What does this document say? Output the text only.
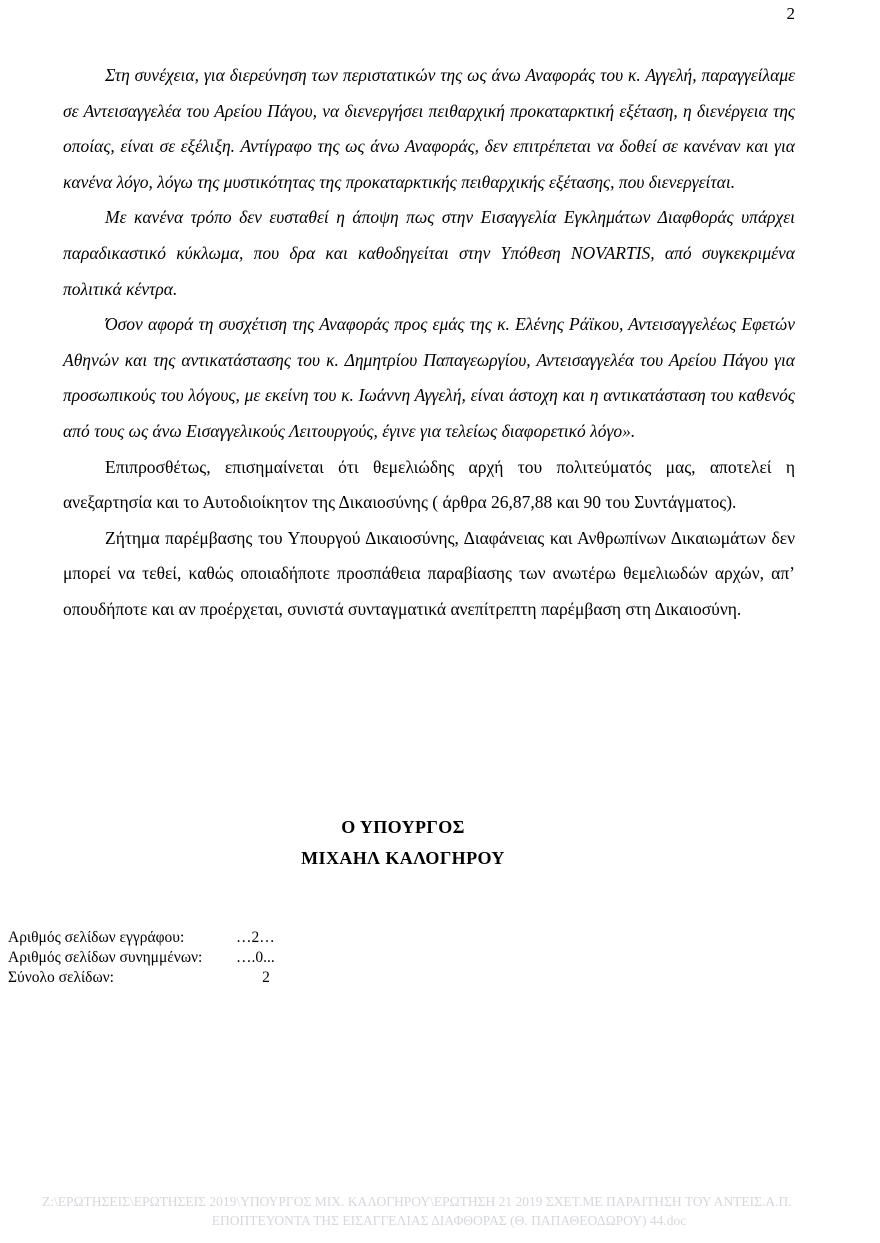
2

Στη συνέχεια, για διερεύνηση των περιστατικών της ως άνω Αναφοράς του κ. Αγγελή, παραγγείλαμε σε Αντεισαγγελέα του Αρείου Πάγου, να διενεργήσει πειθαρχική προκαταρκτική εξέταση, η διενέργεια της οποίας, είναι σε εξέλιξη. Αντίγραφο της ως άνω Αναφοράς, δεν επιτρέπεται να δοθεί σε κανέναν και για κανένα λόγο, λόγω της μυστικότητας της προκαταρκτικής πειθαρχικής εξέτασης, που διενεργείται.

Με κανένα τρόπο δεν ευσταθεί η άποψη πως στην Εισαγγελία Εγκλημάτων Διαφθοράς υπάρχει παραδικαστικό κύκλωμα, που δρα και καθοδηγείται στην Υπόθεση NOVARTIS, από συγκεκριμένα πολιτικά κέντρα.

Όσον αφορά τη συσχέτιση της Αναφοράς προς εμάς της κ. Ελένης Ράϊκου, Αντεισαγγελέως Εφετών Αθηνών και της αντικατάστασης του κ. Δημητρίου Παπαγεωργίου, Αντεισαγγελέα του Αρείου Πάγου για προσωπικούς του λόγους, με εκείνη του κ. Ιωάννη Αγγελή, είναι άστοχη και η αντικατάσταση του καθενός από τους ως άνω Εισαγγελικούς Λειτουργούς, έγινε για τελείως διαφορετικό λόγο».

Επιπροσθέτως, επισημαίνεται ότι θεμελιώδης αρχή του πολιτεύματός μας, αποτελεί η ανεξαρτησία και το Αυτοδιοίκητον της Δικαιοσύνης ( άρθρα 26,87,88 και 90 του Συντάγματος).

Ζήτημα παρέμβασης του Υπουργού Δικαιοσύνης, Διαφάνειας και Ανθρωπίνων Δικαιωμάτων δεν μπορεί να τεθεί, καθώς οποιαδήποτε προσπάθεια παραβίασης των ανωτέρω θεμελιωδών αρχών, απ’ οπουδήποτε και αν προέρχεται, συνιστά συνταγματικά ανεπίτρεπτη παρέμβαση στη Δικαιοσύνη.

Ο ΥΠΟΥΡΓΟΣ
ΜΙΧΑΗΛ ΚΑΛΟΓΗΡΟΥ
Αριθμός σελίδων εγγράφου:	…2…
Αριθμός σελίδων συνημμένων:	….0...
Σύνολο σελίδων:	2
Z:\ΕΡΩΤΗΣΕΙΣ\ΕΡΩΤΗΣΕΙΣ 2019\ΥΠΟΥΡΓΟΣ ΜΙΧ. ΚΑΛΟΓΗΡΟΥ\ΕΡΩΤΗΣΗ 21 2019 ΣΧΕΤ.ΜΕ ΠΑΡΑΙΤΗΣΗ ΤΟΥ ΑΝΤΕΙΣ.Α.Π.
ΕΠΟΠΤΕΥΟΝΤΑ ΤΗΣ ΕΙΣΑΓΓΕΛΙΑΣ ΔΙΑΦΘΟΡΑΣ (Θ. ΠΑΠΑΘΕΟΔΩΡΟΥ) 44.doc
